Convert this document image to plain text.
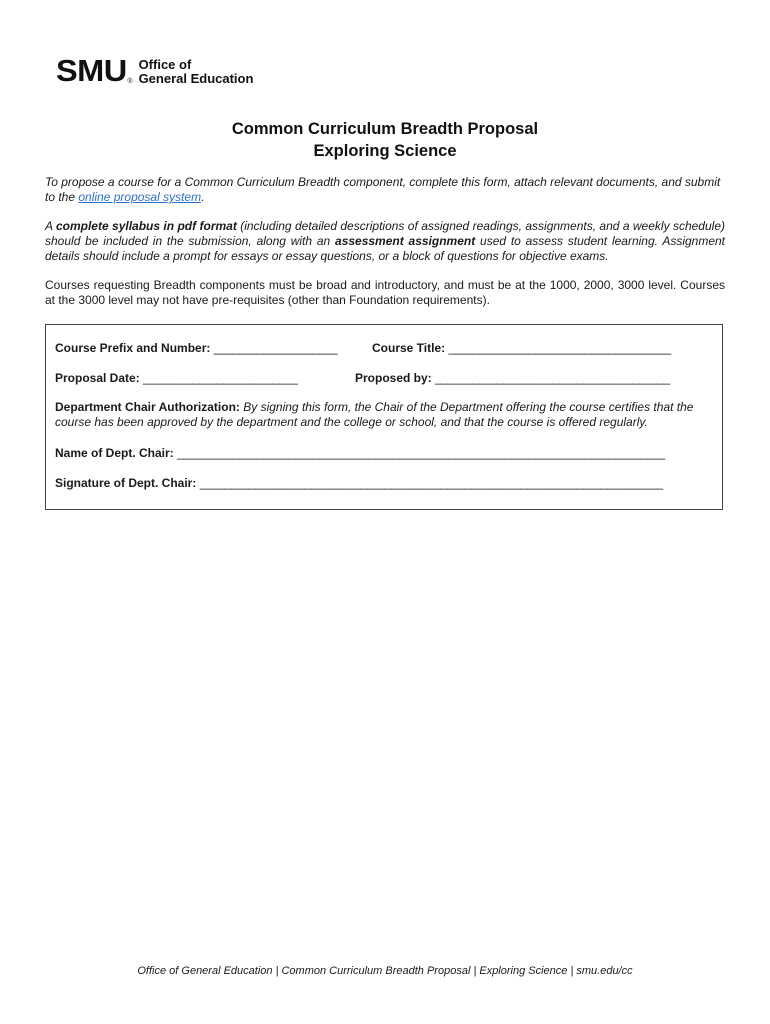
SMU ®
Office of
General Education
Common Curriculum Breadth Proposal
Exploring Science

To propose a course for a Common Curriculum Breadth component, complete this form, attach relevant documents, and submit to the online proposal system.

A complete syllabus in pdf format (including detailed descriptions of assigned readings, assignments, and a weekly schedule) should be included in the submission, along with an assessment assignment used to assess student learning. Assignment details should include a prompt for essays or essay questions, or a block of questions for objective exams.

Courses requesting Breadth components must be broad and introductory, and must be at the 1000, 2000, 3000 level. Courses at the 3000 level may not have pre-requisites (other than Foundation requirements).

Course Prefix and Number: ____________________	Course Title: ____________________________________
Proposal Date: _________________________	Proposed by: ______________________________________
Department Chair Authorization: By signing this form, the Chair of the Department offering the course certifies that the course has been approved by the department and the college or school, and that the course is offered regularly.
Name of Dept. Chair: _______________________________________________________________________________
Signature of Dept. Chair: ___________________________________________________________________________
Office of General Education | Common Curriculum Breadth Proposal | Exploring Science | smu.edu/cc
